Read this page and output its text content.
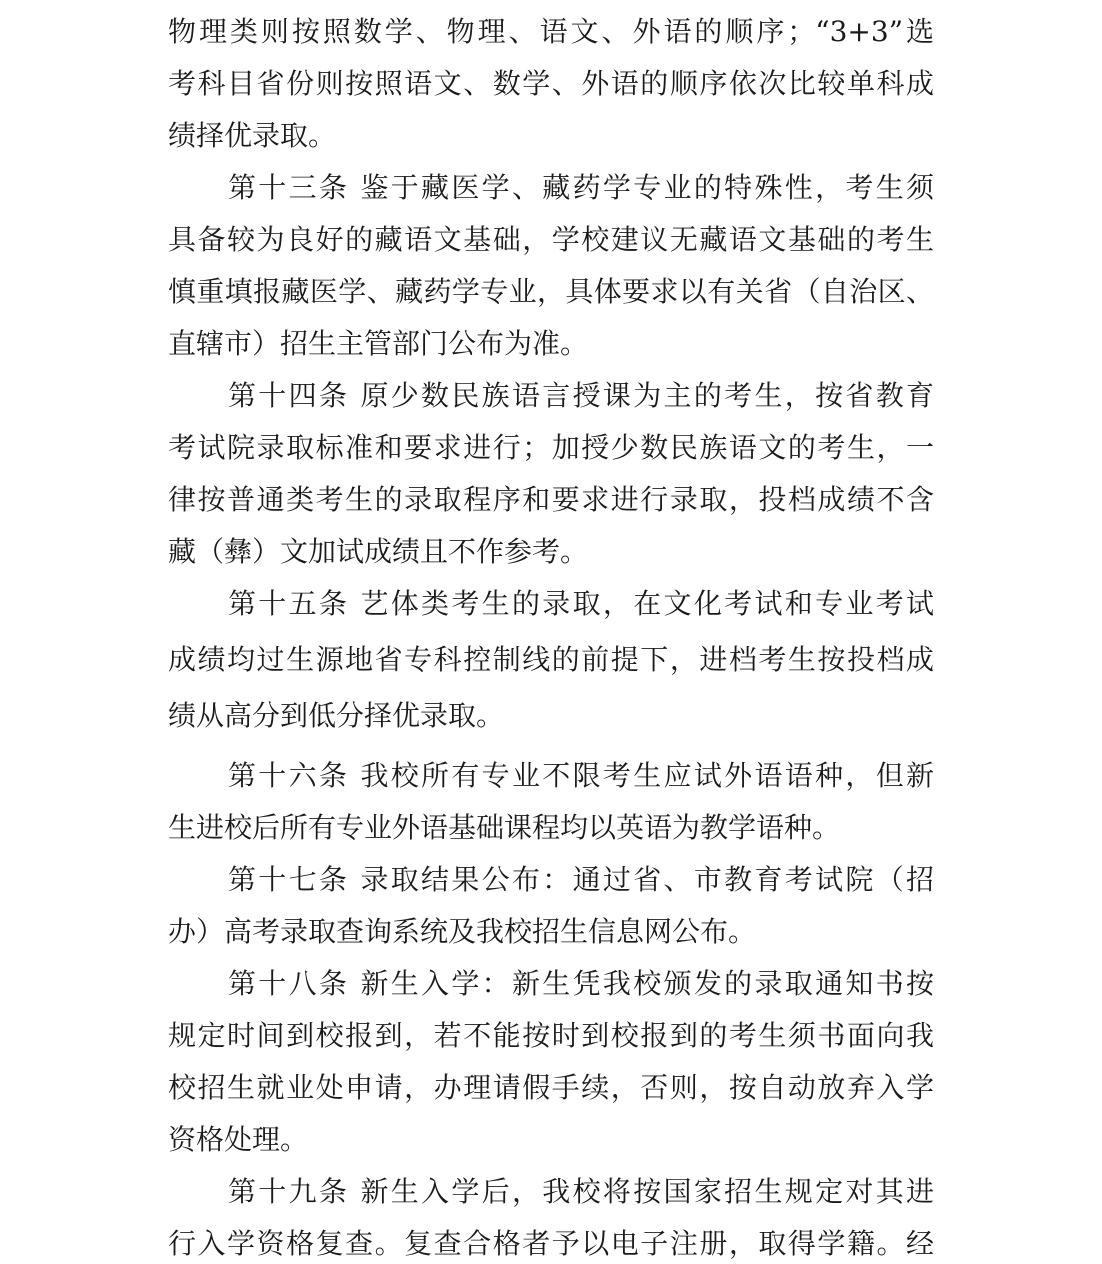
物理类则按照数学、物理、语文、外语的顺序；“3+3”选

考科目省份则按照语文、数学、外语的顺序依次比较单科成

绩择优录取。

第十三条 鉴于藏医学、藏药学专业的特殊性，考生须

具备较为良好的藏语文基础，学校建议无藏语文基础的考生

慎重填报藏医学、藏药学专业，具体要求以有关省（自治区、

直辖市）招生主管部门公布为准。

第十四条 原少数民族语言授课为主的考生，按省教育

考试院录取标准和要求进行；加授少数民族语文的考生，一

律按普通类考生的录取程序和要求进行录取，投档成绩不含

藏（彝）文加试成绩且不作参考。

第十五条 艺体类考生的录取，在文化考试和专业考试

成绩均过生源地省专科控制线的前提下，进档考生按投档成

绩从高分到低分择优录取。

第十六条 我校所有专业不限考生应试外语语种，但新

生进校后所有专业外语基础课程均以英语为教学语种。

第十七条 录取结果公布：通过省、市教育考试院（招

办）高考录取查询系统及我校招生信息网公布。

第十八条 新生入学：新生凭我校颁发的录取通知书按

规定时间到校报到，若不能按时到校报到的考生须书面向我

校招生就业处申请，办理请假手续，否则，按自动放弃入学

资格处理。

第十九条 新生入学后，我校将按国家招生规定对其进

行入学资格复查。复查合格者予以电子注册，取得学籍。经
